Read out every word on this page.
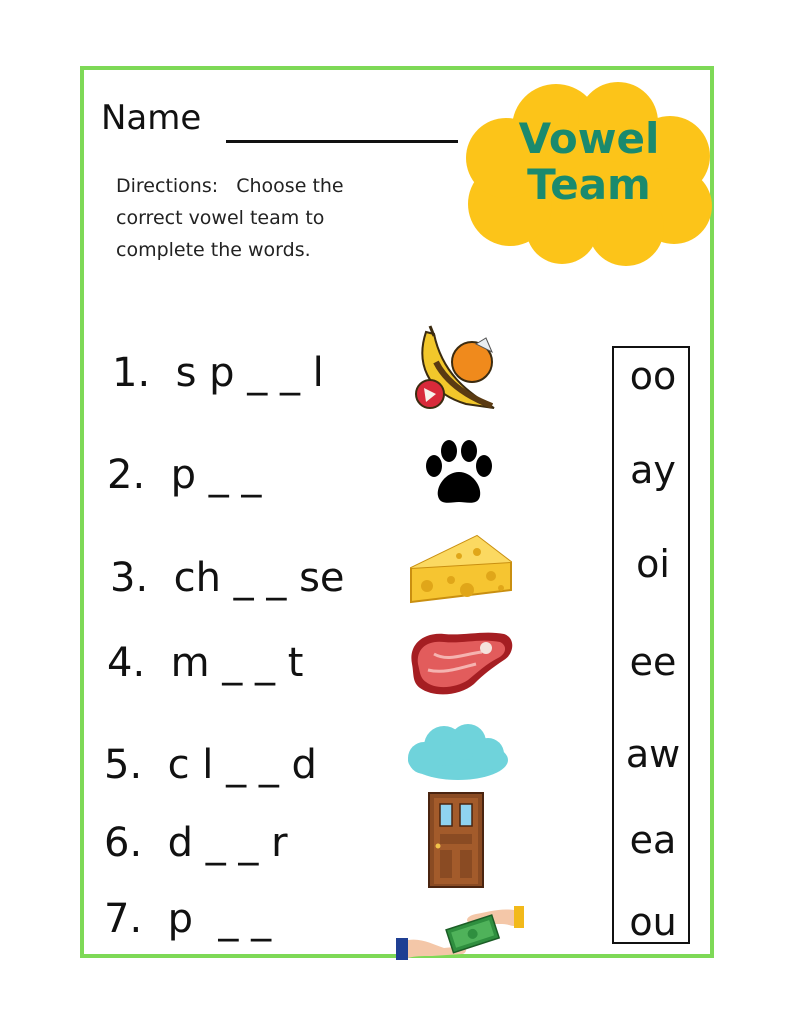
Name
Directions:   Choose the
correct vowel team to
complete the words.
Vowel
Team
1.  s p _ _ l
2.  p _ _
3.  ch _ _ se
4.  m _ _ t
5.  c l _ _ d
6.  d _ _ r
7.  p  _ _
oo
ay
oi
ee
aw
ea
ou
